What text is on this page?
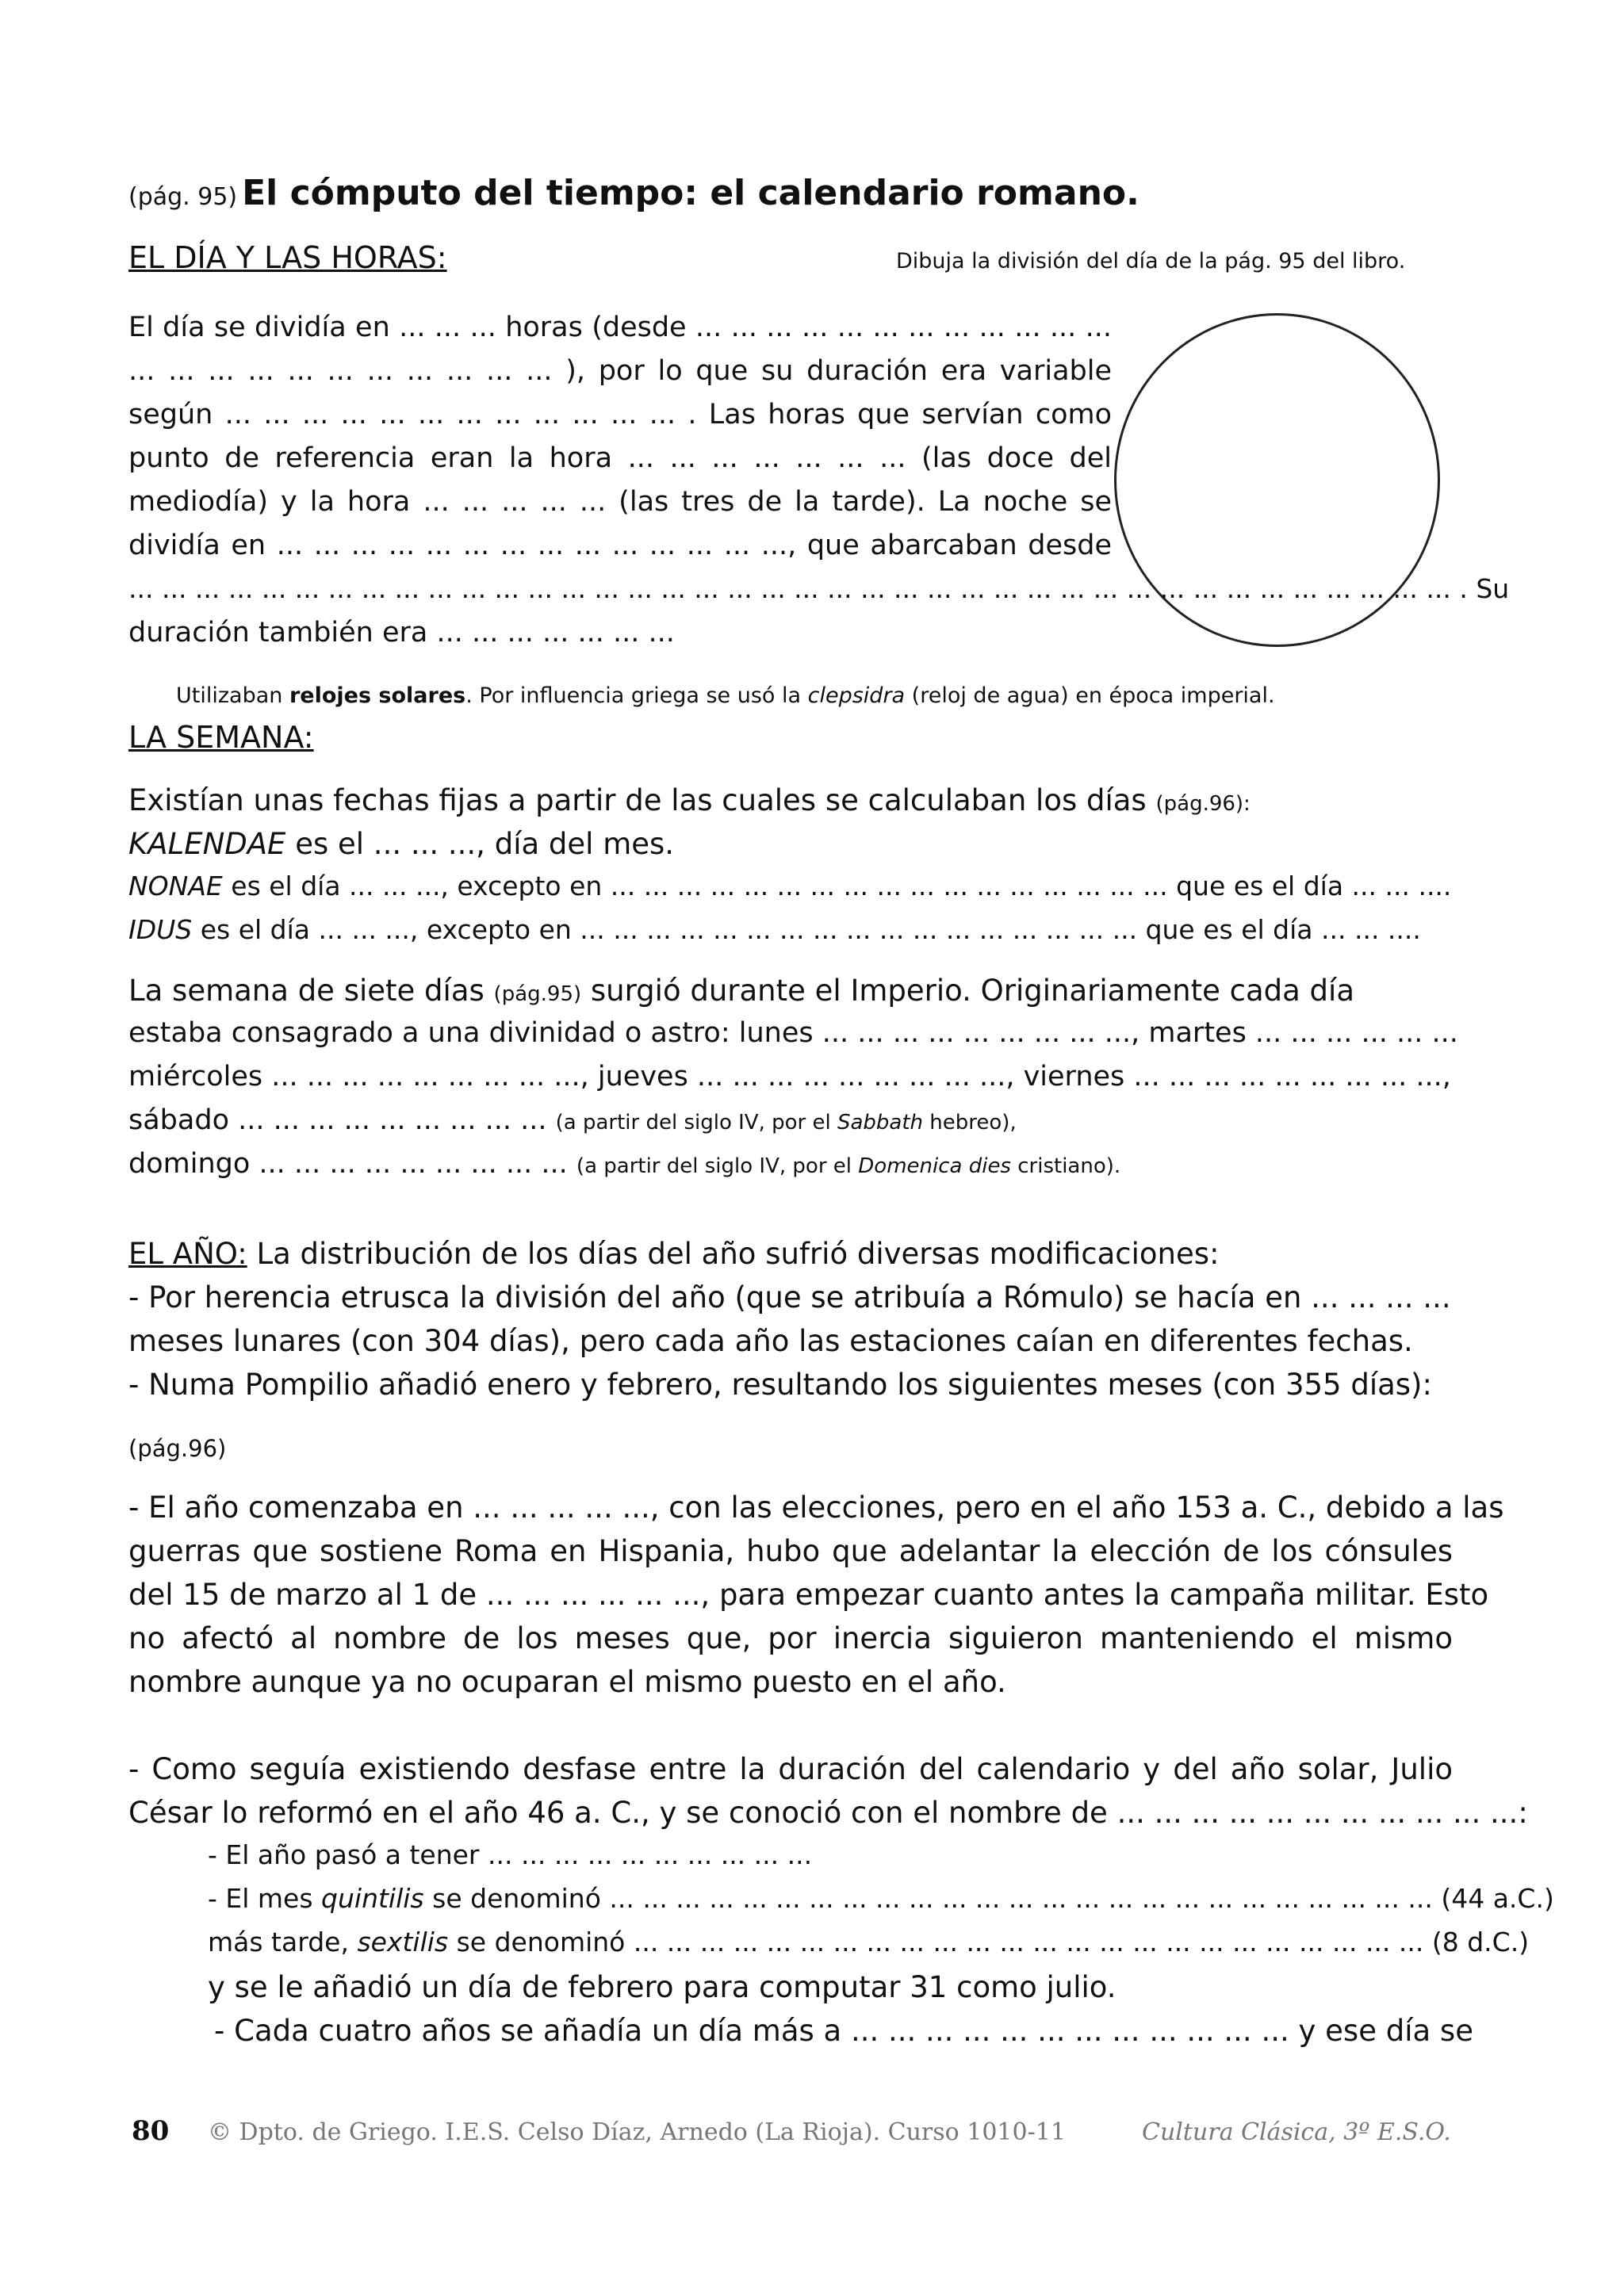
(pág. 95) El cómputo del tiempo: el calendario romano.
EL DÍA Y LAS HORAS:	Dibuja la división del día de la pág. 95 del libro.
El día se dividía en ... ... ... horas (desde ... ... ... ... ... ... ... ... ... ... ... ...
... ... ... ... ... ... ... ... ... ... ... ), por lo que su duración era variable
según ... ... ... ... ... ... ... ... ... ... ... ... . Las horas que servían como
punto de referencia eran la hora ... ... ... ... ... ... ... (las doce del
mediodía) y la hora ... ... ... ... ... (las tres de la tarde). La noche se
dividía en ... ... ... ... ... ... ... ... ... ... ... ... ... ..., que abarcaban desde
... ... ... ... ... ... ... ... ... ... ... ... ... ... ... ... ... ... ... ... ... ... ... ... ... ... ... ... ... ... ... ... ... ... ... ... ... ... ... ... . Su
duración también era ... ... ... ... ... ... ...
Utilizaban relojes solares. Por influencia griega se usó la clepsidra (reloj de agua) en época imperial.
LA SEMANA:
Existían unas fechas fijas a partir de las cuales se calculaban los días (pág.96):
KALENDAE es el ... ... ..., día del mes.
NONAE es el día ... ... ..., excepto en ... ... ... ... ... ... ... ... ... ... ... ... ... ... ... ... ... que es el día ... ... ....
IDUS es el día ... ... ..., excepto en ... ... ... ... ... ... ... ... ... ... ... ... ... ... ... ... ... que es el día ... ... ....
La semana de siete días (pág.95) surgió durante el Imperio. Originariamente cada día
estaba consagrado a una divinidad o astro: lunes ... ... ... ... ... ... ... ... ..., martes ... ... ... ... ... ...
miércoles ... ... ... ... ... ... ... ... ..., jueves ... ... ... ... ... ... ... ... ..., viernes ... ... ... ... ... ... ... ... ...,
sábado ... ... ... ... ... ... ... ... ... (a partir del siglo IV, por el Sabbath hebreo),
domingo ... ... ... ... ... ... ... ... ... (a partir del siglo IV, por el Domenica dies cristiano).
EL AÑO: La distribución de los días del año sufrió diversas modificaciones:
- Por herencia etrusca la división del año (que se atribuía a Rómulo) se hacía en ... ... ... ...
meses lunares (con 304 días), pero cada año las estaciones caían en diferentes fechas.
- Numa Pompilio añadió enero y febrero, resultando los siguientes meses (con 355 días):
(pág.96)
- El año comenzaba en ... ... ... ... ..., con las elecciones, pero en el año 153 a. C., debido a las
guerras que sostiene Roma en Hispania, hubo que adelantar la elección de los cónsules
del 15 de marzo al 1 de ... ... ... ... ... ..., para empezar cuanto antes la campaña militar. Esto
no afectó al nombre de los meses que, por inercia siguieron manteniendo el mismo
nombre aunque ya no ocuparan el mismo puesto en el año.
- Como seguía existiendo desfase entre la duración del calendario y del año solar, Julio
César lo reformó en el año 46 a. C., y se conoció con el nombre de ... ... ... ... ... ... ... ... ... ... ...:
- El año pasó a tener ... ... ... ... ... ... ... ... ... ...
- El mes quintilis se denominó ... ... ... ... ... ... ... ... ... ... ... ... ... ... ... ... ... ... ... ... ... ... ... ... ... (44 a.C.)
más tarde, sextilis se denominó ... ... ... ... ... ... ... ... ... ... ... ... ... ... ... ... ... ... ... ... ... ... ... ... (8 d.C.)
y se le añadió un día de febrero para computar 31 como julio.
- Cada cuatro años se añadía un día más a ... ... ... ... ... ... ... ... ... ... ... ... y ese día se
80 © Dpto. de Griego. I.E.S. Celso Díaz, Arnedo (La Rioja). Curso 1010-11	Cultura Clásica, 3º E.S.O.
